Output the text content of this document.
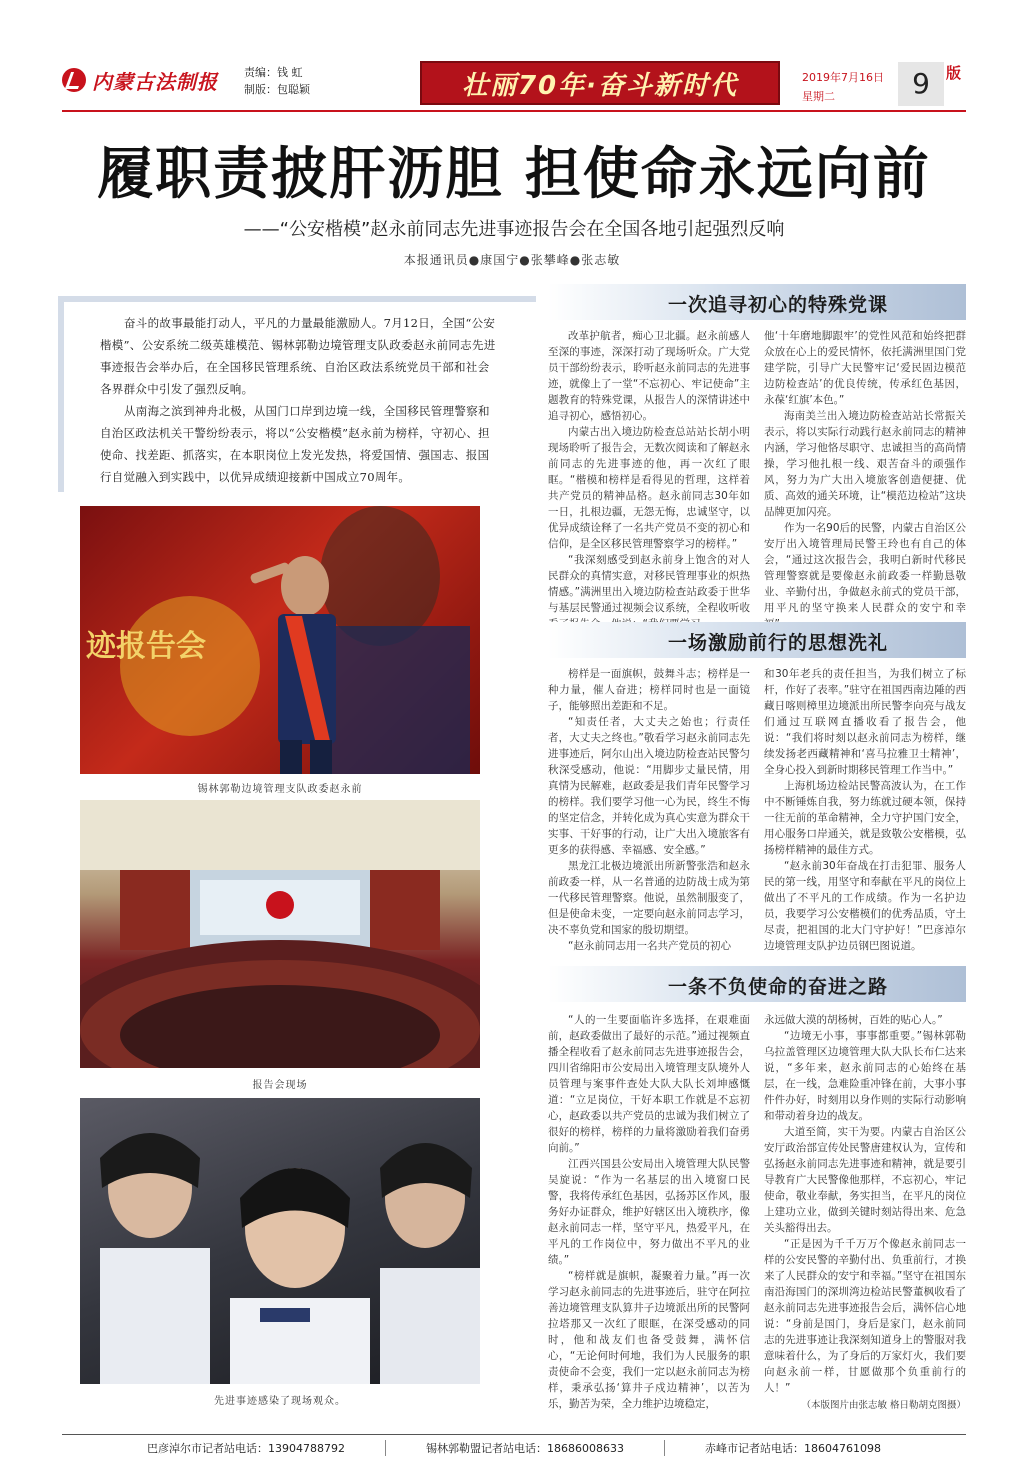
内蒙古法制报 责编：钱 虹
制版：包聪颖	壮丽70年·奋斗新时代	2019年7月16日
星期二	9	版
履职责披肝沥胆 担使命永远向前
——“公安楷模”赵永前同志先进事迹报告会在全国各地引起强烈反响
本报通讯员●康国宁●张攀峰●张志敏

奋斗的故事最能打动人，平凡的力量最能激励人。7月12日，全国“公安楷模”、公安系统二级英雄模范、锡林郭勒边境管理支队政委赵永前同志先进事迹报告会举办后，在全国移民管理系统、自治区政法系统党员干部和社会各界群众中引发了强烈反响。

从南海之滨到神舟北极，从国门口岸到边境一线，全国移民管理警察和自治区政法机关干警纷纷表示，将以“公安楷模”赵永前为榜样，守初心、担使命、找差距、抓落实，在本职岗位上发光发热，将爱国情、强国志、报国行自觉融入到实践中，以优异成绩迎接新中国成立70周年。

迹报告会
锡林郭勒边境管理支队政委赵永前
报告会现场
先进事迹感染了现场观众。
一次追寻初心的特殊党课

改革护航者，痴心卫北疆。赵永前感人至深的事迹，深深打动了现场听众。广大党员干部纷纷表示，聆听赵永前同志的先进事迹，就像上了一堂“不忘初心、牢记使命”主题教育的特殊党课，从报告人的深情讲述中追寻初心，感悟初心。

内蒙古出入境边防检查总站站长胡小明现场聆听了报告会，无数次阅读和了解赵永前同志的先进事迹的他，再一次红了眼眶。“楷模和榜样是看得见的哲理，这样着共产党员的精神品格。赵永前同志30年如一日，扎根边疆，无怨无悔，忠诚坚守，以优异成绩诠释了一名共产党员不变的初心和信仰，是全区移民管理警察学习的榜样。”

“我深刻感受到赵永前身上饱含的对人民群众的真情实意，对移民管理事业的炽热情感。”满洲里出入境边防检查站政委于世华与基层民警通过视频会议系统，全程收听收

他‘十年磨地脚跟牢’的党性风范和始终把群众放在心上的爱民情怀，依托满洲里国门党建学院，引导广大民警牢记‘爱民固边模范边防检查站’的优良传统，传承红色基因，永葆‘红旗’本色。”

海南美兰出入境边防检查站站长常振关表示，将以实际行动践行赵永前同志的精神内涵，学习他恪尽职守、忠诚担当的高尚情操，学习他扎根一线、艰苦奋斗的顽强作风，努力为广大出入境旅客创造便捷、优质、高效的通关环境，让“模范边检站”这块品牌更加闪亮。

作为一名90后的民警，内蒙古自治区公安厅出入境管理局民警王玲也有自己的体会，“通过这次报告会，我明白新时代移民管理警察就是要像赵永前政委一样勤恳敬业、辛勤付出，争做赵永前式的党员干部，用平凡的坚守换来人民群众的安宁和幸

一场激励前行的思想洗礼

榜样是一面旗帜，鼓舞斗志；榜样是一种力量，催人奋进；榜样同时也是一面镜子，能够照出差距和不足。

“知责任者，大丈夫之始也；行责任者，大丈夫之终也。”敬看学习赵永前同志先进事迹后，阿尔山出入境边防检查站民警匀秋深受感动，他说：“用脚步丈量民情，用真情为民解难，赵政委是我们青年民警学习的榜样。我们要学习他一心为民，终生不悔的坚定信念，并转化成为真心实意为群众干实事、干好事的行动，让广大出入境旅客有更多的获得感、幸福感、安全感。”

黑龙江北极边境派出所新警张浩和赵永前政委一样，从一名普通的边防战士成为第一代移民管理警察。他说，虽然制服变了，但是使命未变，一定要向赵永前同志学习，决不辜负党和国家的殷切期望。

“赵永前同志用一名共产党员的初心

和30年老兵的责任担当，为我们树立了标杆，作好了表率。”驻守在祖国西南边陲的西藏日喀则樟里边境派出所民警李向亮与战友们通过互联网直播收看了报告会，他说：“我们将时刻以赵永前同志为榜样，继续发扬老西藏精神和‘喜马拉雅卫士精神’，全身心投入到新时期移民管理工作当中。”

上海机场边检站民警高波认为，在工作中不断锤炼自我，努力练就过硬本领，保持一往无前的革命精神，全力守护国门安全，用心服务口岸通关，就是致敬公安楷模，弘扬榜样精神的最佳方式。

“赵永前30年奋战在打击犯罪、服务人民的第一线，用坚守和奉献在平凡的岗位上做出了不平凡的工作成绩。作为一名护边员，我要学习公安楷模们的优秀品质，守土尽责，把祖国的北大门守护好！”巴彦淖尔边境管理支队护边员钢巴图说道。

一条不负使命的奋进之路

“人的一生要面临许多选择，在艰难面前，赵政委做出了最好的示范。”通过视频直播全程收看了赵永前同志先进事迹报告会，四川省绵阳市公安局出入境管理支队境外人员管理与案事件查处大队大队长刘坤感慨道：“立足岗位，干好本职工作就是不忘初心，赵政委以共产党员的忠诚为我们树立了很好的榜样，榜样的力量将激励着我们奋勇向前。”

江西兴国县公安局出入境管理大队民警吴旋说：“作为一名基层的出入境窗口民警，我将传承红色基因，弘扬苏区作风，服务好办证群众，维护好辖区出入境秩序，像赵永前同志一样，坚守平凡，热爱平凡，在平凡的工作岗位中，努力做出不平凡的业绩。”

“榜样就是旗帜，凝聚着力量。”再一次学习赵永前同志的先进事迹后，驻守在阿拉善边境管理支队算井子边境派出所的民警阿拉塔那又一次红了眼眶，在深受感动的同时，他和战友们也备受鼓舞，满怀信心，“无论何时何地，我们为人民服务的职责使命不会变，我们一定以赵永前同志为榜样，秉承弘扬‘算井子戍边精神’，以苦为乐，勤苦为荣，全力维护边境稳定，

永远做大漠的胡杨树，百姓的贴心人。”

“边境无小事，事事都重要。”锡林郭勒乌拉盖管理区边境管理大队大队长布仁达来说，“多年来，赵永前同志的心始终在基层，在一线，急难险重冲锋在前，大事小事件件办好，时刻用以身作则的实际行动影响和带动着身边的战友。

大道至简，实干为要。内蒙古自治区公安厅政治部宣传处民警唐建权认为，宣传和弘扬赵永前同志先进事迹和精神，就是要引导教育广大民警像他那样，不忘初心，牢记使命，敬业奉献，务实担当，在平凡的岗位上建功立业，做到关键时刻站得出来、危急关头豁得出去。

“正是因为千千万万个像赵永前同志一样的公安民警的辛勤付出、负重前行，才换来了人民群众的安宁和幸福。”坚守在祖国东南沿海国门的深圳湾边检站民警董枫收看了赵永前同志先进事迹报告会后，满怀信心地说：“身前是国门，身后是家门，赵永前同志的先进事迹让我深刻知道身上的警服对我意味着什么，为了身后的万家灯火，我们要向赵永前一样，甘愿做那个负重前行的人！”

（本版图片由张志敏 格日勒胡克图摄）

巴彦淖尔市记者站电话：13904788792	锡林郭勒盟记者站电话：18686008633	赤峰市记者站电话：18604761098
